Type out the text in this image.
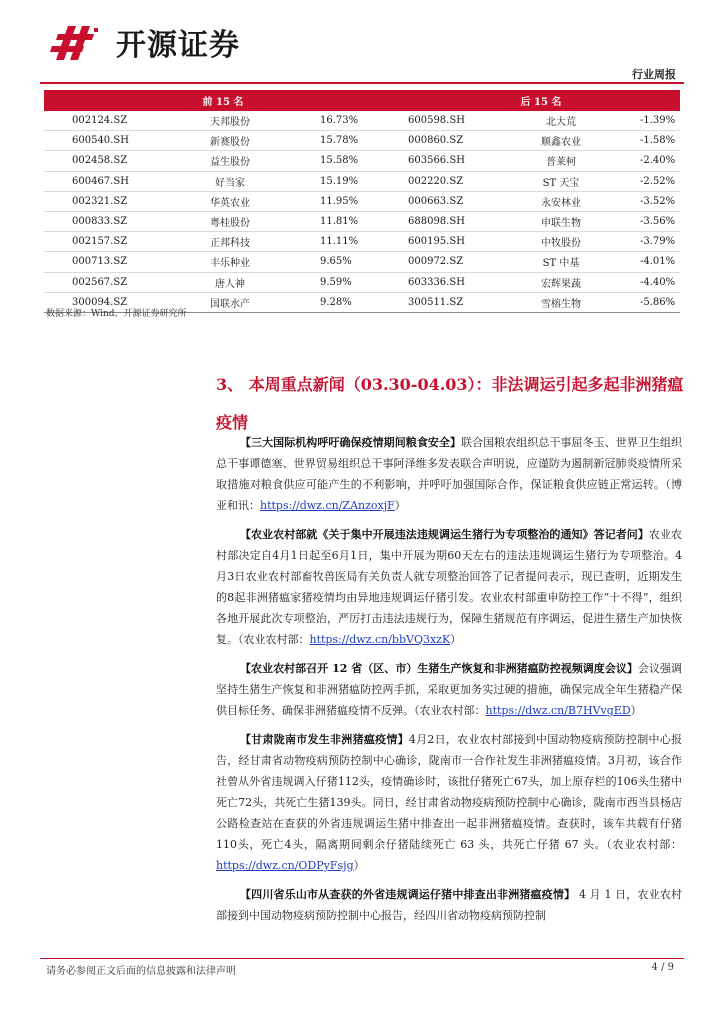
开源证券
行业周报
前 15 名			后 15 名		
002124.SZ	天邦股份	16.73%	600598.SH	北大荒	-1.39%
600540.SH	新赛股份	15.78%	000860.SZ	顺鑫农业	-1.58%
002458.SZ	益生股份	15.58%	603566.SH	普莱柯	-2.40%
600467.SH	好当家	15.19%	002220.SZ	ST 天宝	-2.52%
002321.SZ	华英农业	11.95%	000663.SZ	永安林业	-3.52%
000833.SZ	粤桂股份	11.81%	688098.SH	申联生物	-3.56%
002157.SZ	正邦科技	11.11%	600195.SH	中牧股份	-3.79%
000713.SZ	丰乐种业	9.65%	000972.SZ	ST 中基	-4.01%
002567.SZ	唐人神	9.59%	603336.SH	宏辉果蔬	-4.40%
300094.SZ	国联水产	9.28%	300511.SZ	雪榕生物	-5.86%
数据来源：Wind、开源证券研究所
3、 本周重点新闻（03.30-04.03）：非法调运引起多起非洲猪瘟疫情
【三大国际机构呼吁确保疫情期间粮食安全】联合国粮农组织总干事屈冬玉、世界卫生组织总干事谭德塞、世界贸易组织总干事阿泽维多发表联合声明说，应谨防为遏制新冠肺炎疫情所采取措施对粮食供应可能产生的不利影响，并呼吁加强国际合作，保证粮食供应链正常运转。（博亚和讯：https://dwz.cn/ZAnzoxjF）
【农业农村部就《关于集中开展违法违规调运生猪行为专项整治的通知》答记者问】农业农村部决定自4月1日起至6月1日，集中开展为期60天左右的违法违规调运生猪行为专项整治。4月3日农业农村部畜牧兽医局有关负责人就专项整治回答了记者提问表示，现已查明，近期发生的8起非洲猪瘟家猪疫情均由异地违规调运仔猪引发。农业农村部重申防控工作“十不得”，组织各地开展此次专项整治，严厉打击违法违规行为，保障生猪规范有序调运，促进生猪生产加快恢复。（农业农村部：https://dwz.cn/bbVQ3xzK）
【农业农村部召开 12 省（区、市）生猪生产恢复和非洲猪瘟防控视频调度会议】会议强调坚持生猪生产恢复和非洲猪瘟防控两手抓，采取更加务实过硬的措施，确保完成全年生猪稳产保供目标任务、确保非洲猪瘟疫情不反弹。（农业农村部：https://dwz.cn/B7HVvgED）
【甘肃陇南市发生非洲猪瘟疫情】4月2日，农业农村部接到中国动物疫病预防控制中心报告，经甘肃省动物疫病预防控制中心确诊，陇南市一合作社发生非洲猪瘟疫情。3月初，该合作社曾从外省违规调入仔猪112头，疫情确诊时，该批仔猪死亡67头，加上原存栏的106头生猪中死亡72头，共死亡生猪139头。同日，经甘肃省动物疫病预防控制中心确诊，陇南市西当县杨店公路检查站在查获的外省违规调运生猪中排查出一起非洲猪瘟疫情。查获时，该车共载有仔猪110头，死亡4头，隔离期间剩余仔猪陆续死亡 63 头，共死亡仔猪 67 头。（农业农村部：https://dwz.cn/ODPyFsjg）
【四川省乐山市从查获的外省违规调运仔猪中排查出非洲猪瘟疫情】 4 月 1 日，农业农村部接到中国动物疫病预防控制中心报告，经四川省动物疫病预防控制
请务必参阅正文后面的信息披露和法律声明	4 / 9
